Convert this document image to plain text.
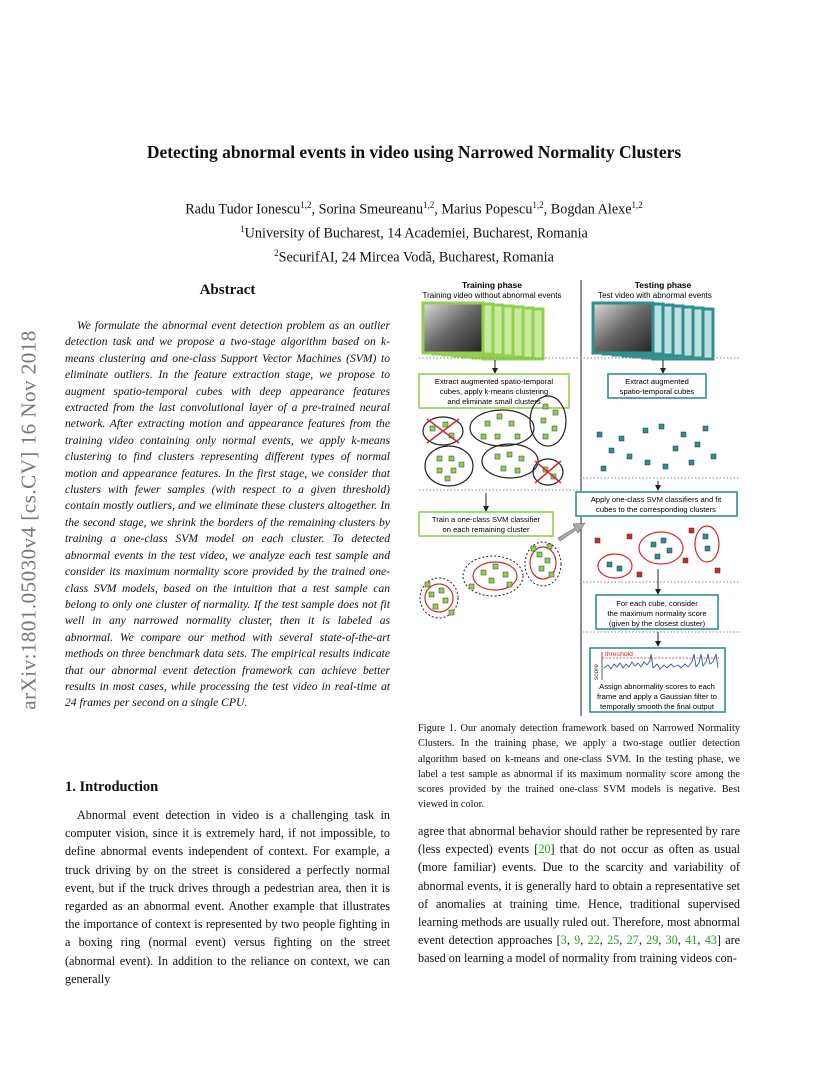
Detecting abnormal events in video using Narrowed Normality Clusters
Radu Tudor Ionescu$^{1,2}$, Sorina Smeureanu$^{1,2}$, Marius Popescu$^{1,2}$, Bogdan Alexe$^{1,2}$
$^1$University of Bucharest, 14 Academiei, Bucharest, Romania
$^2$SecurifAI, 24 Mircea Vodă, Bucharest, Romania
arXiv:1801.05030v4 [cs.CV] 16 Nov 2018
Abstract
We formulate the abnormal event detection problem as an outlier detection task and we propose a two-stage algorithm based on k-means clustering and one-class Support Vector Machines (SVM) to eliminate outliers. In the feature extraction stage, we propose to augment spatio-temporal cubes with deep appearance features extracted from the last convolutional layer of a pre-trained neural network. After extracting motion and appearance features from the training video containing only normal events, we apply k-means clustering to find clusters representing different types of normal motion and appearance features. In the first stage, we consider that clusters with fewer samples (with respect to a given threshold) contain mostly outliers, and we eliminate these clusters altogether. In the second stage, we shrink the borders of the remaining clusters by training a one-class SVM model on each cluster. To detected abnormal events in the test video, we analyze each test sample and consider its maximum normality score provided by the trained one-class SVM models, based on the intuition that a test sample can belong to only one cluster of normality. If the test sample does not fit well in any narrowed normality cluster, then it is labeled as abnormal. We compare our method with several state-of-the-art methods on three benchmark data sets. The empirical results indicate that our abnormal event detection framework can achieve better results in most cases, while processing the test video in real-time at 24 frames per second on a single CPU.
1. Introduction
Abnormal event detection in video is a challenging task in computer vision, since it is extremely hard, if not impossible, to define abnormal events independent of context. For example, a truck driving by on the street is considered a perfectly normal event, but if the truck drives through a pedestrian area, then it is regarded as an abnormal event. Another example that illustrates the importance of context is represented by two people fighting in a boxing ring (normal event) versus fighting on the street (abnormal event). In addition to the reliance on context, we can generally
agree that abnormal behavior should rather be represented by rare (less expected) events [20] that do not occur as often as usual (more familiar) events. Due to the scarcity and variability of abnormal events, it is generally hard to obtain a representative set of anomalies at training time. Hence, traditional supervised learning methods are usually ruled out. Therefore, most abnormal event detection approaches [3, 9, 22, 25, 27, 29, 30, 41, 43] are based on learning a model of normality from training videos con-
Training phase
Training video without abnormal events
Testing phase
Test video with abnormal events
Extract augmented spatio-temporal
cubes, apply k-means clustering
and eliminate small clusters
Extract augmented
spatio-temporal cubes
Train a one-class SVM classifier
on each remaining cluster
Apply one-class SVM classifiers and fit
cubes to the corresponding clusters
For each cube, consider
the maximum normality score
(given by the closest cluster)
score
threshold
Assign abnormality scores to each
frame and apply a Gaussian filter to
temporally smooth the final output
Figure 1. Our anomaly detection framework based on Narrowed Normality Clusters. In the training phase, we apply a two-stage outlier detection algorithm based on k-means and one-class SVM. In the testing phase, we label a test sample as abnormal if its maximum normality score among the scores provided by the trained one-class SVM models is negative. Best viewed in color.
